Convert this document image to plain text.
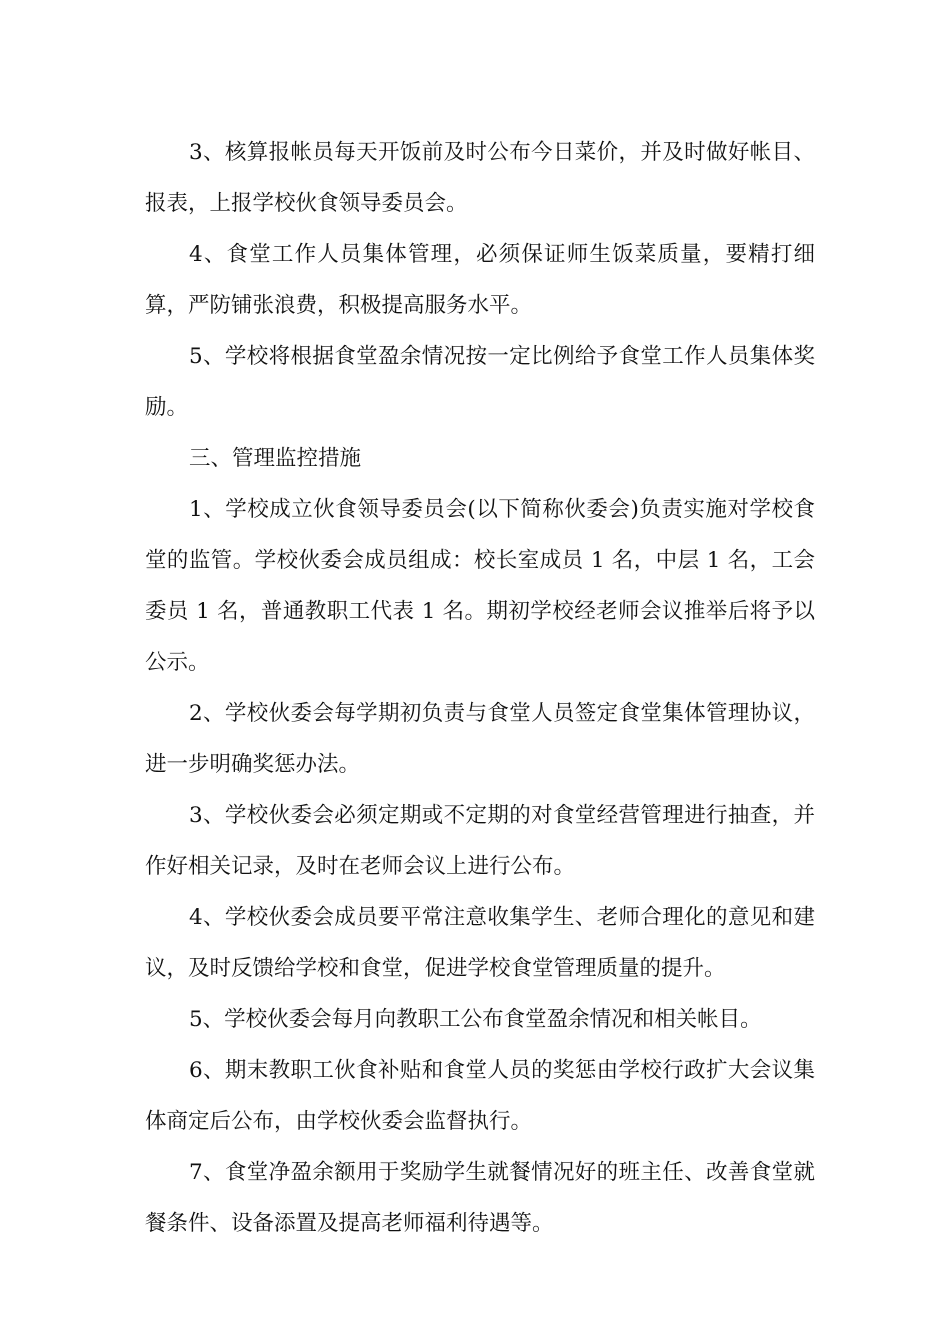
3、核算报帐员每天开饭前及时公布今日菜价，并及时做好帐目、报表，上报学校伙食领导委员会。

4、食堂工作人员集体管理，必须保证师生饭菜质量，要精打细算，严防铺张浪费，积极提高服务水平。

5、学校将根据食堂盈余情况按一定比例给予食堂工作人员集体奖励。

三、管理监控措施

1、学校成立伙食领导委员会(以下简称伙委会)负责实施对学校食堂的监管。学校伙委会成员组成：校长室成员 1 名，中层 1 名，工会委员 1 名，普通教职工代表 1 名。期初学校经老师会议推举后将予以公示。

2、学校伙委会每学期初负责与食堂人员签定食堂集体管理协议，进一步明确奖惩办法。

3、学校伙委会必须定期或不定期的对食堂经营管理进行抽查，并作好相关记录，及时在老师会议上进行公布。

4、学校伙委会成员要平常注意收集学生、老师合理化的意见和建议，及时反馈给学校和食堂，促进学校食堂管理质量的提升。

5、学校伙委会每月向教职工公布食堂盈余情况和相关帐目。

6、期末教职工伙食补贴和食堂人员的奖惩由学校行政扩大会议集体商定后公布，由学校伙委会监督执行。

7、食堂净盈余额用于奖励学生就餐情况好的班主任、改善食堂就餐条件、设备添置及提高老师福利待遇等。
